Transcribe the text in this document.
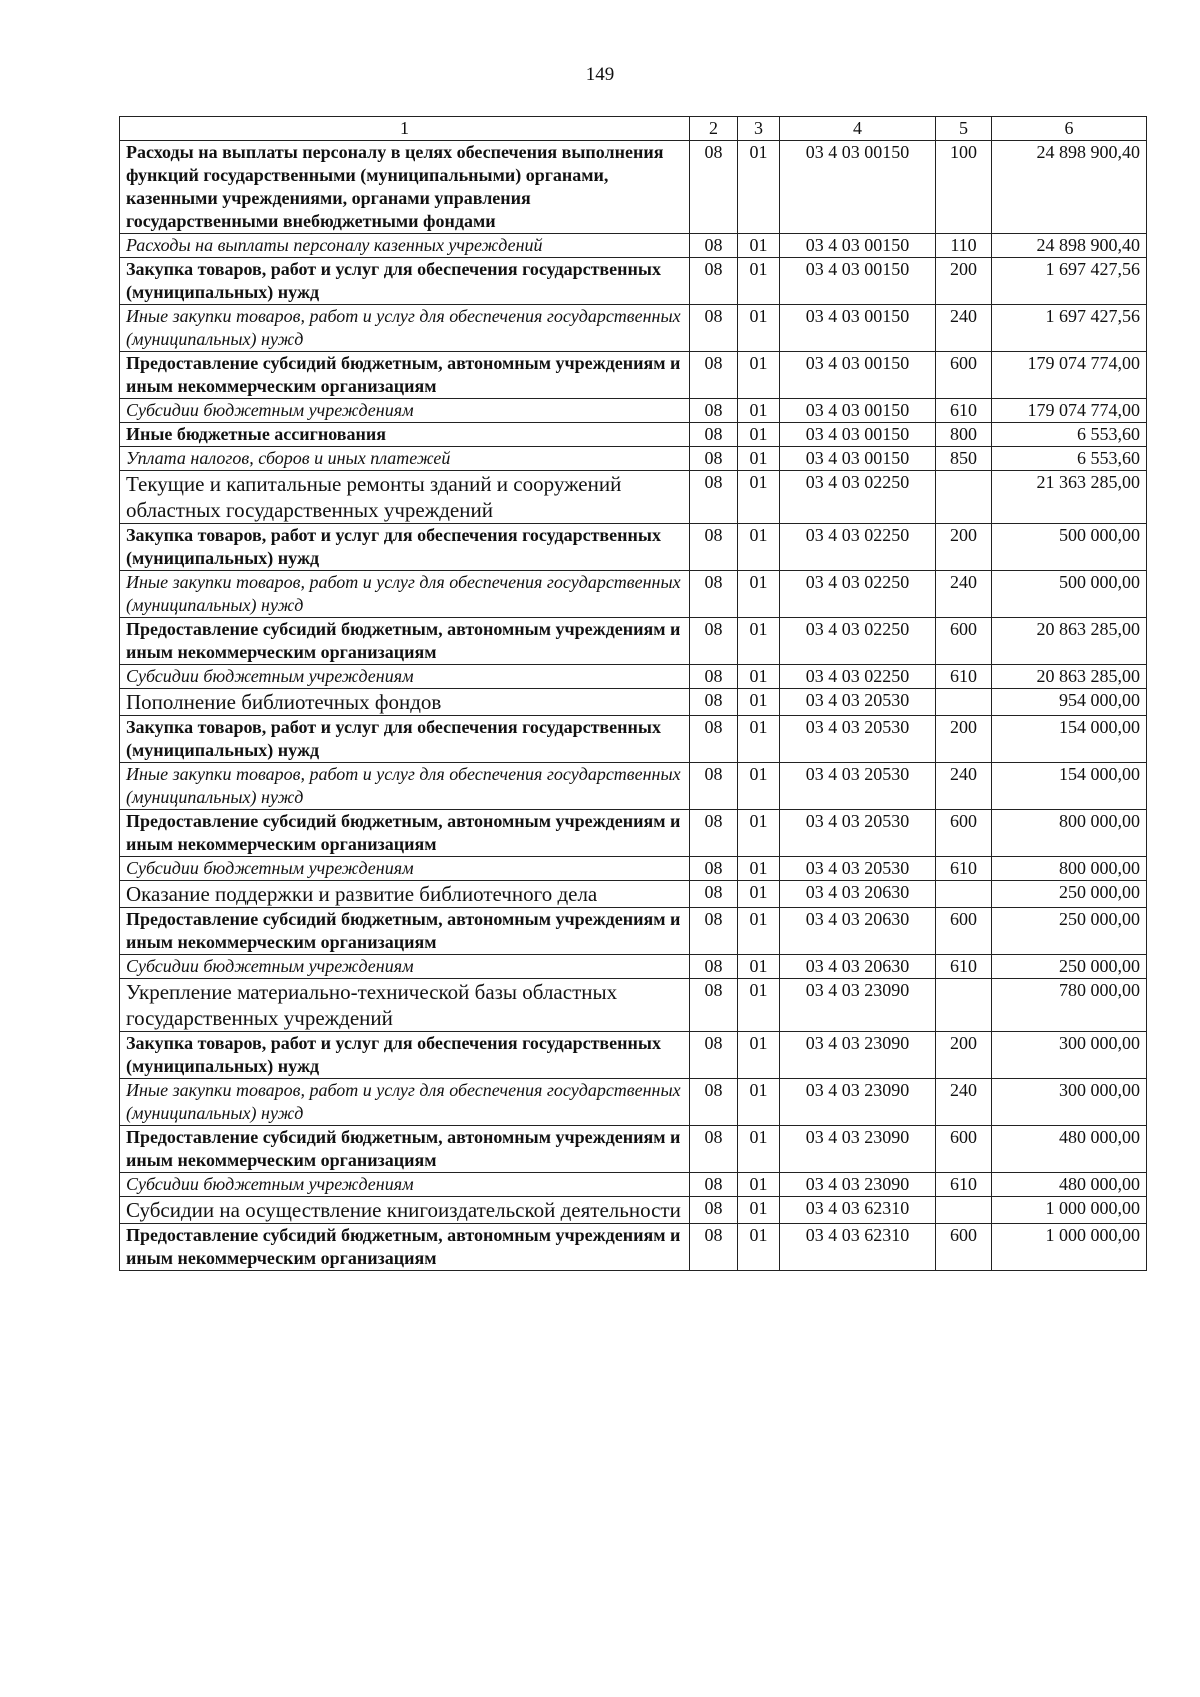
149
1	2	3	4	5	6
Расходы на выплаты персоналу в целях обеспечения выполнения функций государственными (муниципальными) органами, казенными учреждениями, органами управления государственными внебюджетными фондами	08	01	03 4 03 00150	100	24 898 900,40
Расходы на выплаты персоналу казенных учреждений	08	01	03 4 03 00150	110	24 898 900,40
Закупка товаров, работ и услуг для обеспечения государственных (муниципальных) нужд	08	01	03 4 03 00150	200	1 697 427,56
Иные закупки товаров, работ и услуг для обеспечения государственных (муниципальных) нужд	08	01	03 4 03 00150	240	1 697 427,56
Предоставление субсидий бюджетным, автономным учреждениям и иным некоммерческим организациям	08	01	03 4 03 00150	600	179 074 774,00
Субсидии бюджетным учреждениям	08	01	03 4 03 00150	610	179 074 774,00
Иные бюджетные ассигнования	08	01	03 4 03 00150	800	6 553,60
Уплата налогов, сборов и иных платежей	08	01	03 4 03 00150	850	6 553,60
Текущие и капитальные ремонты зданий и сооружений областных государственных учреждений	08	01	03 4 03 02250		21 363 285,00
Закупка товаров, работ и услуг для обеспечения государственных (муниципальных) нужд	08	01	03 4 03 02250	200	500 000,00
Иные закупки товаров, работ и услуг для обеспечения государственных (муниципальных) нужд	08	01	03 4 03 02250	240	500 000,00
Предоставление субсидий бюджетным, автономным учреждениям и иным некоммерческим организациям	08	01	03 4 03 02250	600	20 863 285,00
Субсидии бюджетным учреждениям	08	01	03 4 03 02250	610	20 863 285,00
Пополнение библиотечных фондов	08	01	03 4 03 20530		954 000,00
Закупка товаров, работ и услуг для обеспечения государственных (муниципальных) нужд	08	01	03 4 03 20530	200	154 000,00
Иные закупки товаров, работ и услуг для обеспечения государственных (муниципальных) нужд	08	01	03 4 03 20530	240	154 000,00
Предоставление субсидий бюджетным, автономным учреждениям и иным некоммерческим организациям	08	01	03 4 03 20530	600	800 000,00
Субсидии бюджетным учреждениям	08	01	03 4 03 20530	610	800 000,00
Оказание поддержки и развитие библиотечного дела	08	01	03 4 03 20630		250 000,00
Предоставление субсидий бюджетным, автономным учреждениям и иным некоммерческим организациям	08	01	03 4 03 20630	600	250 000,00
Субсидии бюджетным учреждениям	08	01	03 4 03 20630	610	250 000,00
Укрепление материально-технической базы областных государственных учреждений	08	01	03 4 03 23090		780 000,00
Закупка товаров, работ и услуг для обеспечения государственных (муниципальных) нужд	08	01	03 4 03 23090	200	300 000,00
Иные закупки товаров, работ и услуг для обеспечения государственных (муниципальных) нужд	08	01	03 4 03 23090	240	300 000,00
Предоставление субсидий бюджетным, автономным учреждениям и иным некоммерческим организациям	08	01	03 4 03 23090	600	480 000,00
Субсидии бюджетным учреждениям	08	01	03 4 03 23090	610	480 000,00
Субсидии на осуществление книгоиздательской деятельности	08	01	03 4 03 62310		1 000 000,00
Предоставление субсидий бюджетным, автономным учреждениям и иным некоммерческим организациям	08	01	03 4 03 62310	600	1 000 000,00
